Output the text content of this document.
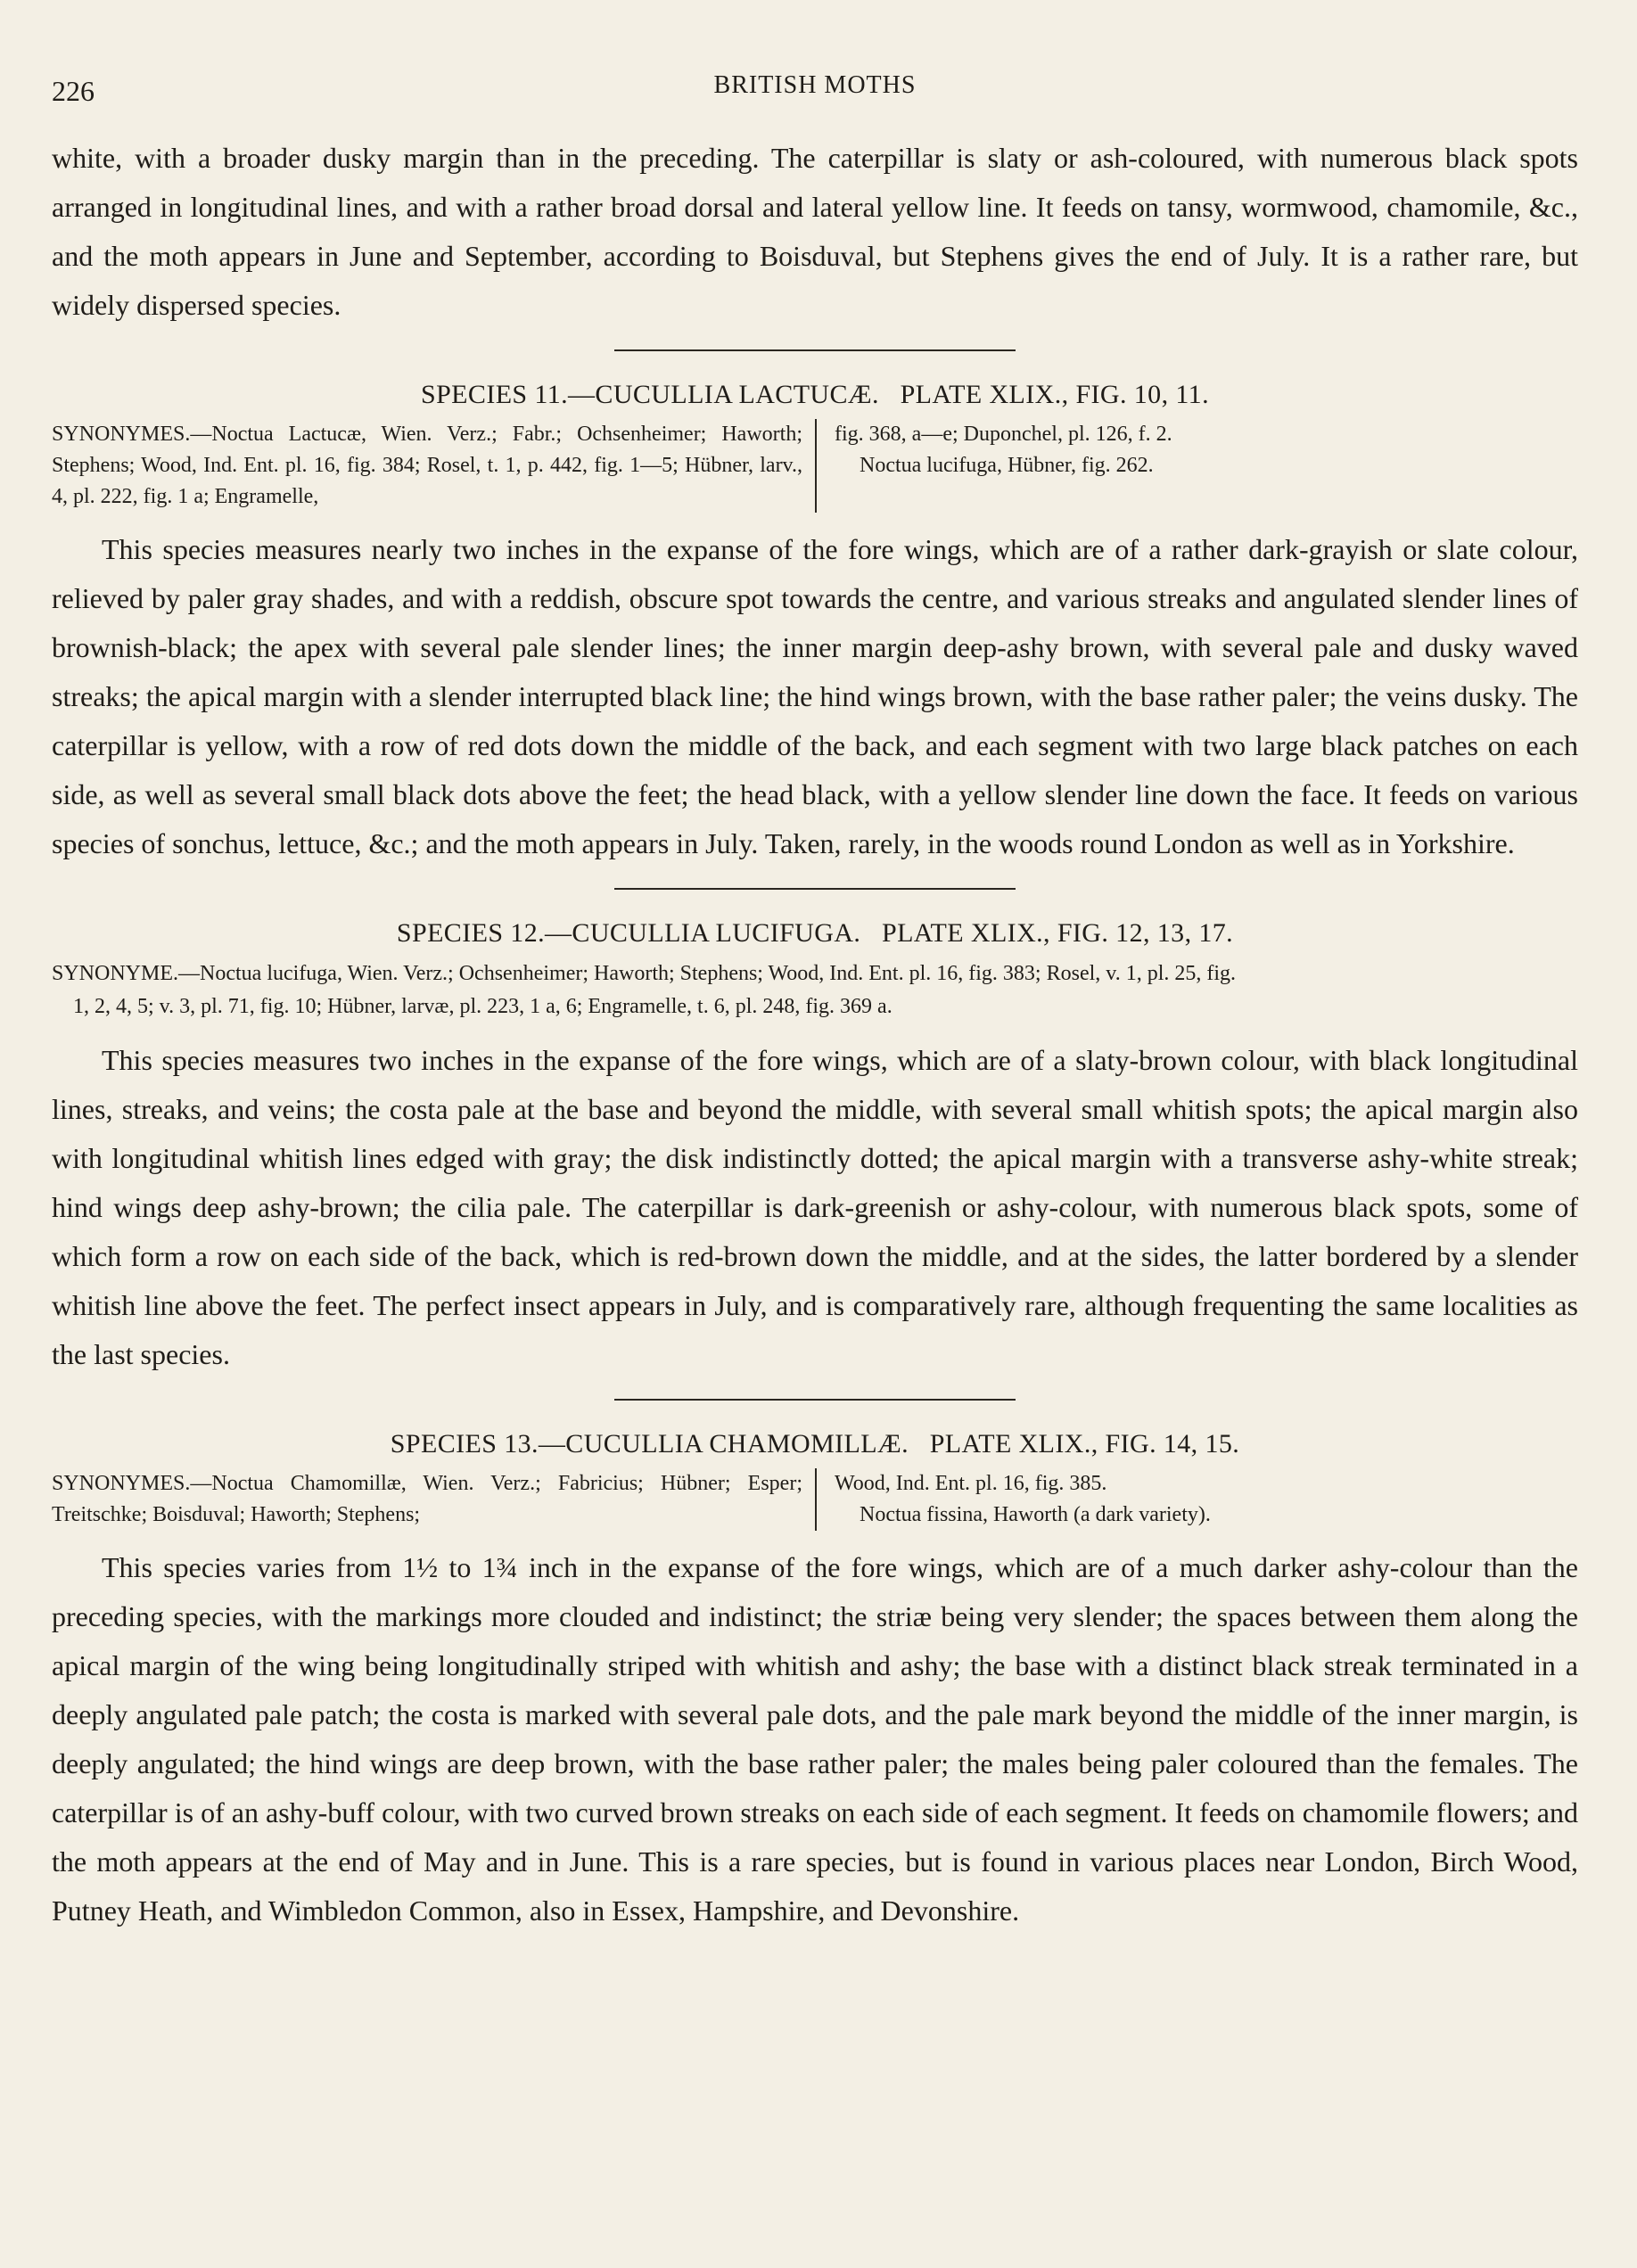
226	BRITISH MOTHS

white, with a broader dusky margin than in the preceding. The caterpillar is slaty or ash-coloured, with numerous black spots arranged in longitudinal lines, and with a rather broad dorsal and lateral yellow line. It feeds on tansy, wormwood, chamomile, &c., and the moth appears in June and September, according to Boisduval, but Stephens gives the end of July. It is a rather rare, but widely dispersed species.

SPECIES 11.—CUCULLIA LACTUCÆ. PLATE XLIX., FIG. 10, 11.
SYNONYMES.—Noctua Lactucæ, Wien. Verz.; Fabr.; Ochsenheimer; Haworth; Stephens; Wood, Ind. Ent. pl. 16, fig. 384; Rosel, t. 1, p. 442, fig. 1—5; Hübner, larv., 4, pl. 222, fig. 1 a; Engramelle,
fig. 368, a—e; Duponchel, pl. 126, f. 2.
Noctua lucifuga, Hübner, fig. 262.

This species measures nearly two inches in the expanse of the fore wings, which are of a rather dark-grayish or slate colour, relieved by paler gray shades, and with a reddish, obscure spot towards the centre, and various streaks and angulated slender lines of brownish-black; the apex with several pale slender lines; the inner margin deep-ashy brown, with several pale and dusky waved streaks; the apical margin with a slender interrupted black line; the hind wings brown, with the base rather paler; the veins dusky. The caterpillar is yellow, with a row of red dots down the middle of the back, and each segment with two large black patches on each side, as well as several small black dots above the feet; the head black, with a yellow slender line down the face. It feeds on various species of sonchus, lettuce, &c.; and the moth appears in July. Taken, rarely, in the woods round London as well as in Yorkshire.

SPECIES 12.—CUCULLIA LUCIFUGA. PLATE XLIX., FIG. 12, 13, 17.
SYNONYME.—Noctua lucifuga, Wien. Verz.; Ochsenheimer; Haworth; Stephens; Wood, Ind. Ent. pl. 16, fig. 383; Rosel, v. 1, pl. 25, fig.
1, 2, 4, 5; v. 3, pl. 71, fig. 10; Hübner, larvæ, pl. 223, 1 a, 6; Engramelle, t. 6, pl. 248, fig. 369 a.

This species measures two inches in the expanse of the fore wings, which are of a slaty-brown colour, with black longitudinal lines, streaks, and veins; the costa pale at the base and beyond the middle, with several small whitish spots; the apical margin also with longitudinal whitish lines edged with gray; the disk indistinctly dotted; the apical margin with a transverse ashy-white streak; hind wings deep ashy-brown; the cilia pale. The caterpillar is dark-greenish or ashy-colour, with numerous black spots, some of which form a row on each side of the back, which is red-brown down the middle, and at the sides, the latter bordered by a slender whitish line above the feet. The perfect insect appears in July, and is comparatively rare, although frequenting the same localities as the last species.

SPECIES 13.—CUCULLIA CHAMOMILLÆ. PLATE XLIX., FIG. 14, 15.
SYNONYMES.—Noctua Chamomillæ, Wien. Verz.; Fabricius; Hübner; Esper; Treitschke; Boisduval; Haworth; Stephens;
Wood, Ind. Ent. pl. 16, fig. 385.
Noctua fissina, Haworth (a dark variety).

This species varies from 1½ to 1¾ inch in the expanse of the fore wings, which are of a much darker ashy-colour than the preceding species, with the markings more clouded and indistinct; the striæ being very slender; the spaces between them along the apical margin of the wing being longitudinally striped with whitish and ashy; the base with a distinct black streak terminated in a deeply angulated pale patch; the costa is marked with several pale dots, and the pale mark beyond the middle of the inner margin, is deeply angulated; the hind wings are deep brown, with the base rather paler; the males being paler coloured than the females. The caterpillar is of an ashy-buff colour, with two curved brown streaks on each side of each segment. It feeds on chamomile flowers; and the moth appears at the end of May and in June. This is a rare species, but is found in various places near London, Birch Wood, Putney Heath, and Wimbledon Common, also in Essex, Hampshire, and Devonshire.
